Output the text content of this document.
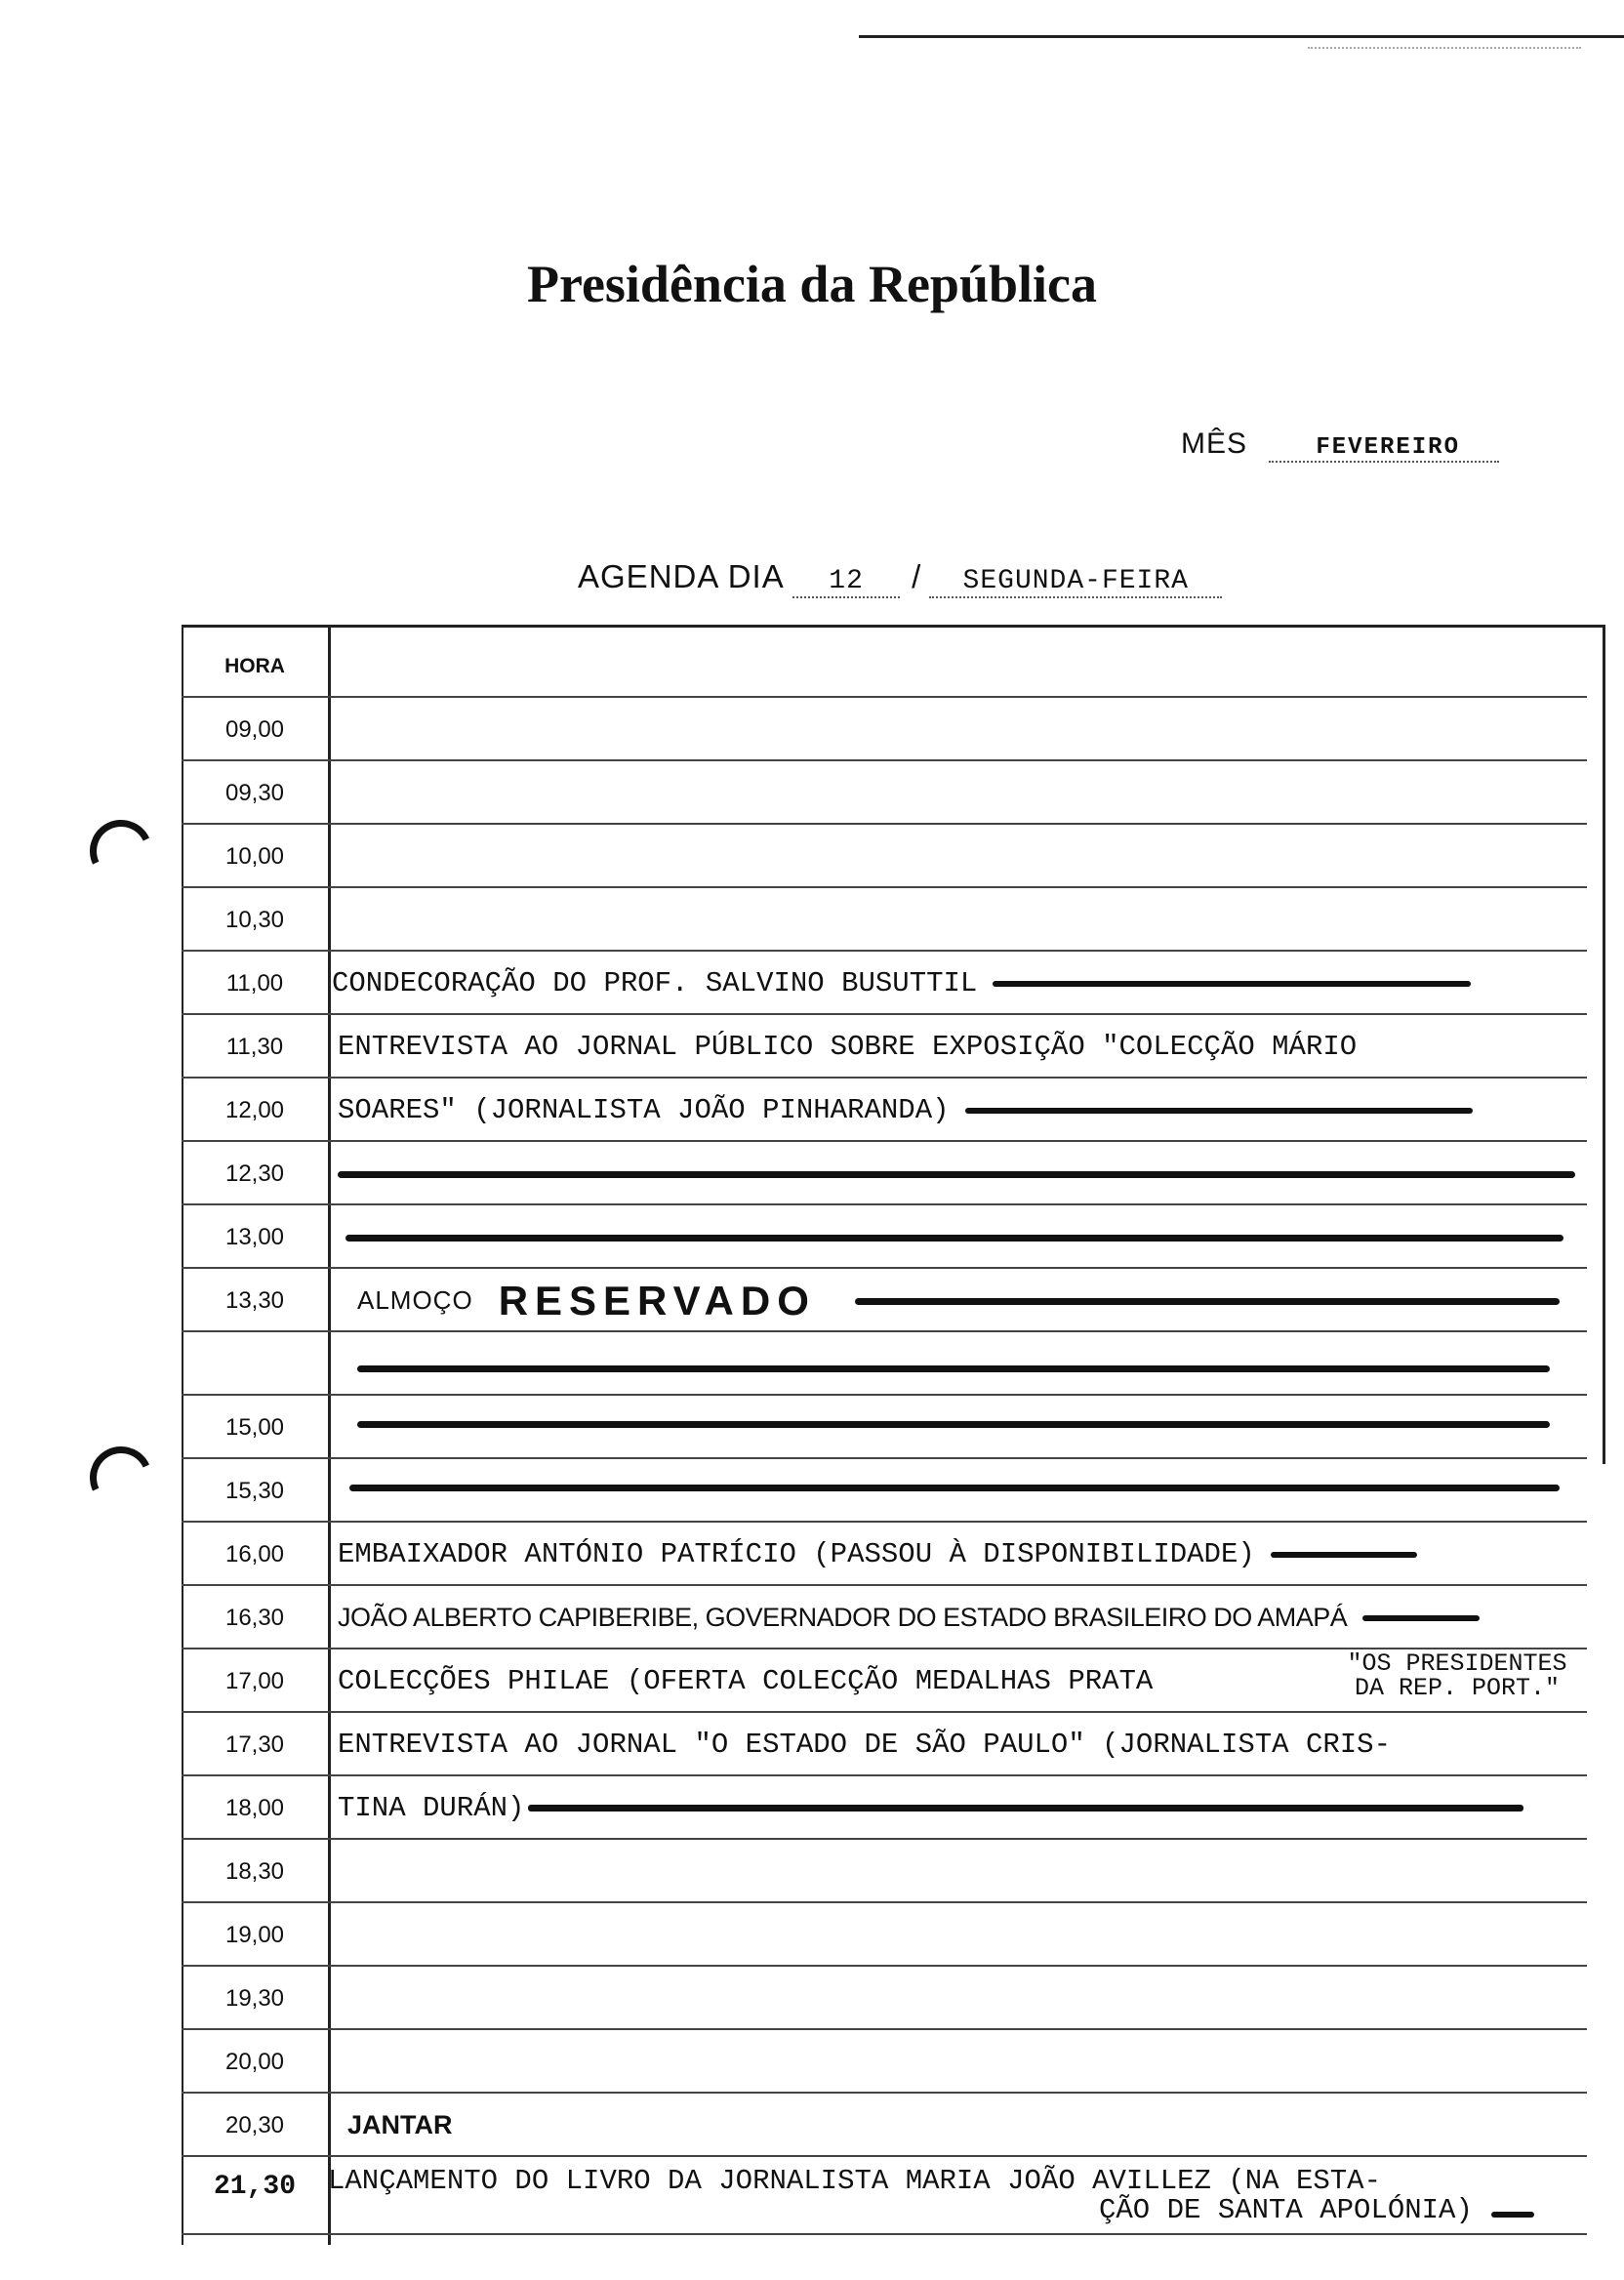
Presidência da República
MÊS	FEVEREIRO
AGENDA DIA 12 / SEGUNDA-FEIRA
HORA
09,00
09,30
10,00
10,30
11,00	CONDECORAÇÃO DO PROF. SALVINO BUSUTTIL
11,30	ENTREVISTA AO JORNAL PÚBLICO SOBRE EXPOSIÇÃO "COLECÇÃO MÁRIO
12,00	SOARES" (JORNALISTA JOÃO PINHARANDA)
12,30
13,00
13,30	ALMOÇO RESERVADO
15,00
15,30
16,00	EMBAIXADOR ANTÓNIO PATRÍCIO (PASSOU À DISPONIBILIDADE)
16,30	JOÃO ALBERTO CAPIBERIBE, GOVERNADOR DO ESTADO BRASILEIRO DO AMAPÁ
17,00	COLECÇÕES PHILAE (OFERTA COLECÇÃO MEDALHAS PRATA
"OS PRESIDENTES
DA REP. PORT."
17,30	ENTREVISTA AO JORNAL "O ESTADO DE SÃO PAULO" (JORNALISTA CRIS-
18,00	TINA DURÁN)
18,30
19,00
19,30
20,00
20,30	JANTAR
21,30	LANÇAMENTO DO LIVRO DA JORNALISTA MARIA JOÃO AVILLEZ (NA ESTA-
ÇÃO DE SANTA APOLÓNIA)
